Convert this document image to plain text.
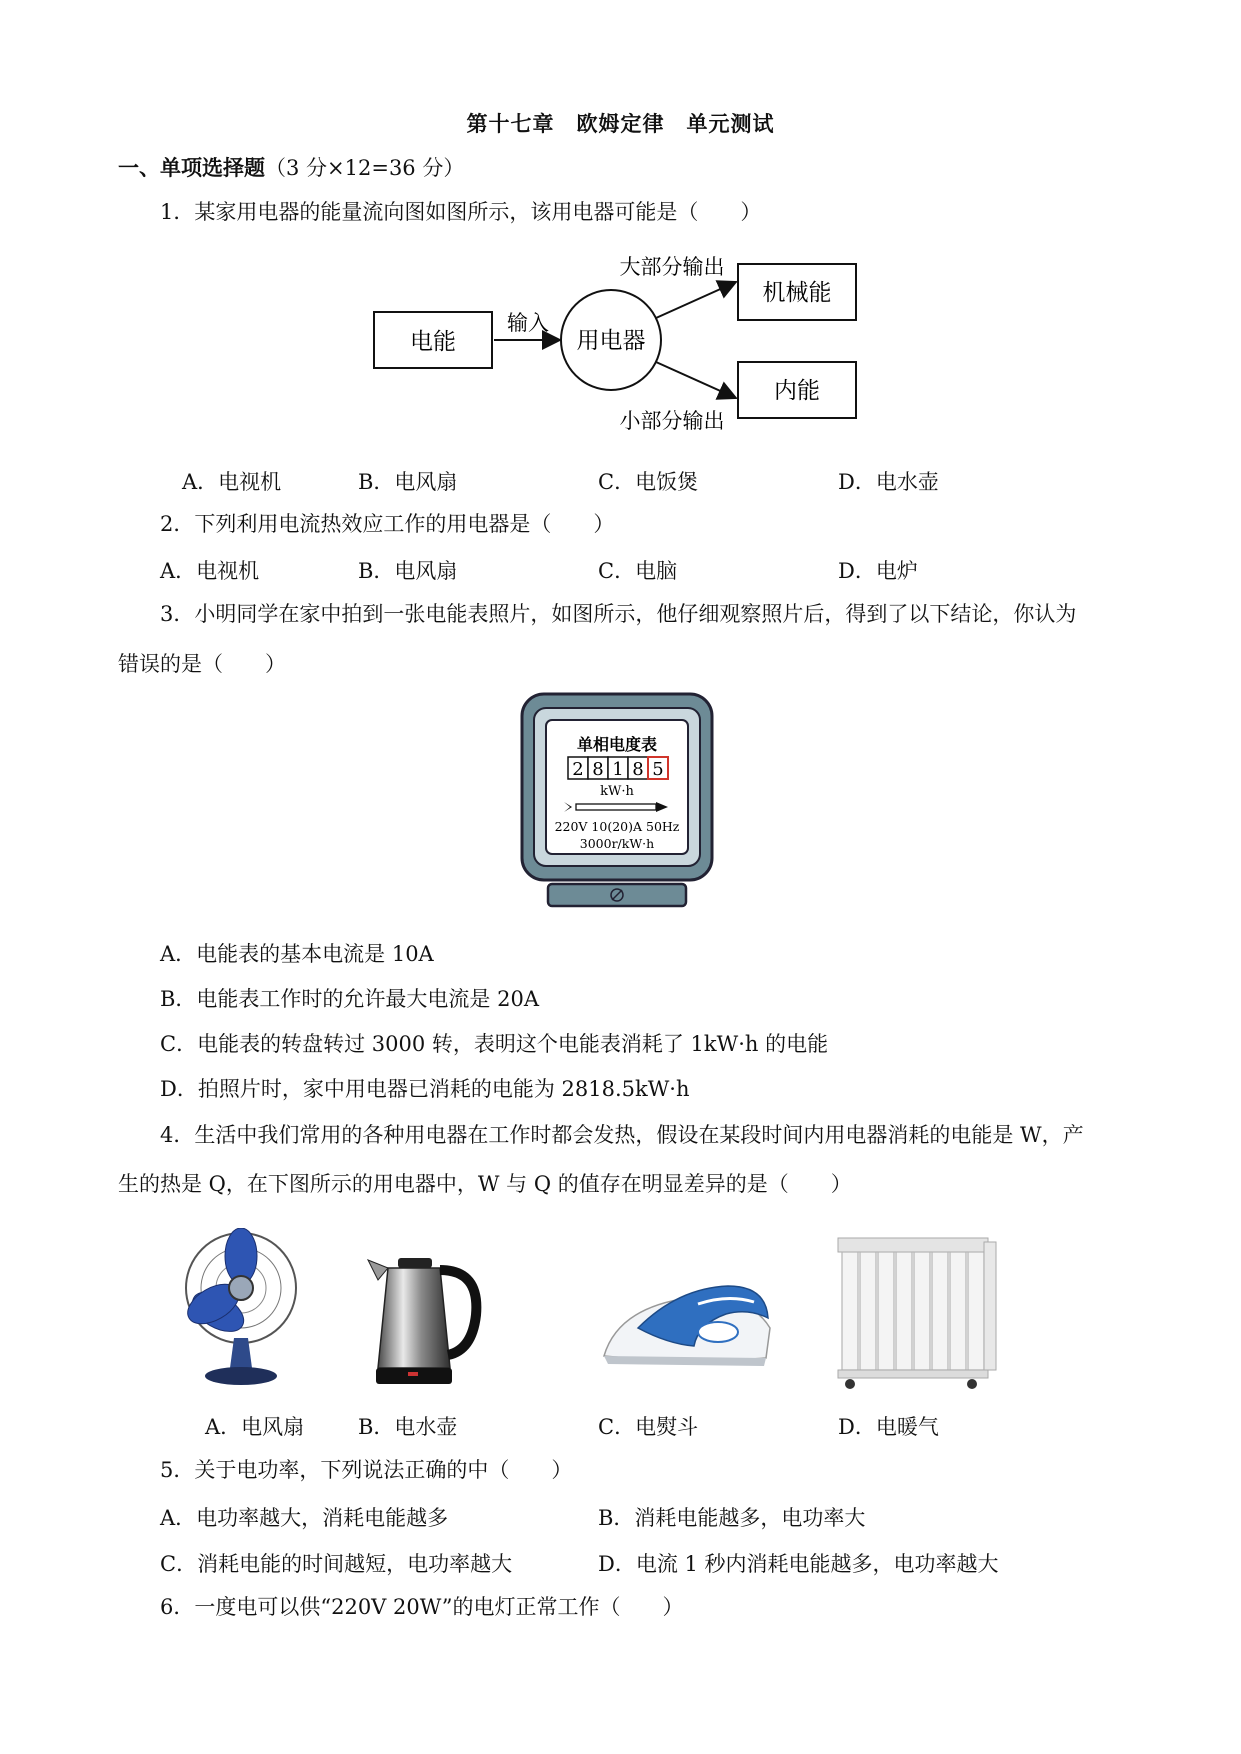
第十七章　欧姆定律　单元测试
一、单项选择题（3 分×12=36 分）
1．某家用电器的能量流向图如图所示，该用电器可能是（　　）
电能
输入
用电器
大部分输出
小部分输出
机械能
内能
A．电视机	B．电风扇	C．电饭煲	D．电水壶
2．下列利用电流热效应工作的用电器是（　　）
A．电视机	B．电风扇	C．电脑	D．电炉
3．小明同学在家中拍到一张电能表照片，如图所示，他仔细观察照片后，得到了以下结论，你认为
错误的是（　　）
单相电度表
2 8 1 8 5
kW·h
220V 10(20)A 50Hz
3000r/kW·h
A．电能表的基本电流是 10A
B．电能表工作时的允许最大电流是 20A
C．电能表的转盘转过 3000 转，表明这个电能表消耗了 1kW·h 的电能
D．拍照片时，家中用电器已消耗的电能为 2818.5kW·h
4．生活中我们常用的各种用电器在工作时都会发热，假设在某段时间内用电器消耗的电能是 W，产
生的热是 Q，在下图所示的用电器中，W 与 Q 的值存在明显差异的是（　　）
A．电风扇	B．电水壶	C．电熨斗	D．电暖气
5．关于电功率，下列说法正确的中（　　）
A．电功率越大，消耗电能越多	B．消耗电能越多，电功率大
C．消耗电能的时间越短，电功率越大	D．电流 1 秒内消耗电能越多，电功率越大
6．一度电可以供“220V 20W”的电灯正常工作（　　）
